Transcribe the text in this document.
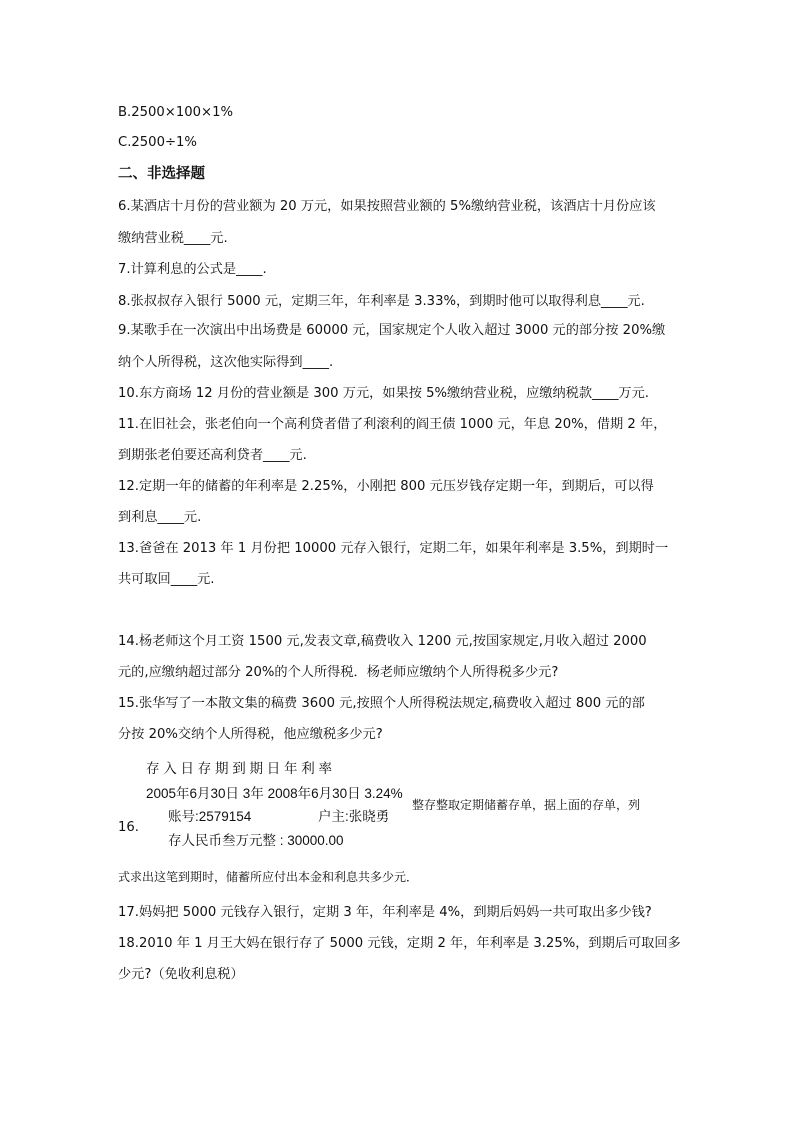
B.2500×100×1%
C.2500÷1%
二、非选择题
6.某酒店十月份的营业额为 20 万元，如果按照营业额的 5%缴纳营业税，该酒店十月份应该
缴纳营业税____元.
7.计算利息的公式是____.
8.张叔叔存入银行 5000 元，定期三年，年利率是 3.33%，到期时他可以取得利息____元.
9.某歌手在一次演出中出场费是 60000 元，国家规定个人收入超过 3000 元的部分按 20%缴
纳个人所得税，这次他实际得到____.
10.东方商场 12 月份的营业额是 300 万元，如果按 5%缴纳营业税，应缴纳税款____万元.
11.在旧社会，张老伯向一个高利贷者借了利滚利的阎王债 1000 元，年息 20%，借期 2 年，
到期张老伯要还高利贷者____元.
12.定期一年的储蓄的年利率是 2.25%，小刚把 800 元压岁钱存定期一年，到期后，可以得
到利息____元.
13.爸爸在 2013 年 1 月份把 10000 元存入银行，定期二年，如果年利率是 3.5%，到期时一
共可取回____元.
14.杨老师这个月工资 1500 元,发表文章,稿费收入 1200 元,按国家规定,月收入超过 2000
元的,应缴纳超过部分 20%的个人所得税．杨老师应缴纳个人所得税多少元?
15.张华写了一本散文集的稿费 3600 元,按照个人所得税法规定,稿费收入超过 800 元的部
分按 20%交纳个人所得税，他应缴税多少元?
存 入 日 存 期 到 期 日 年 利 率
2005年6月30日 3年 2008年6月30日 3.24%
账号:2579154	户主:张晓勇
存人民币叁万元整 : 30000.00
16.
整存整取定期储蓄存单，据上面的存单，列
式求出这笔到期时，储蓄所应付出本金和利息共多少元．
17.妈妈把 5000 元钱存入银行，定期 3 年，年利率是 4%，到期后妈妈一共可取出多少钱?
18.2010 年 1 月王大妈在银行存了 5000 元钱，定期 2 年，年利率是 3.25%，到期后可取回多
少元?（免收利息税）
